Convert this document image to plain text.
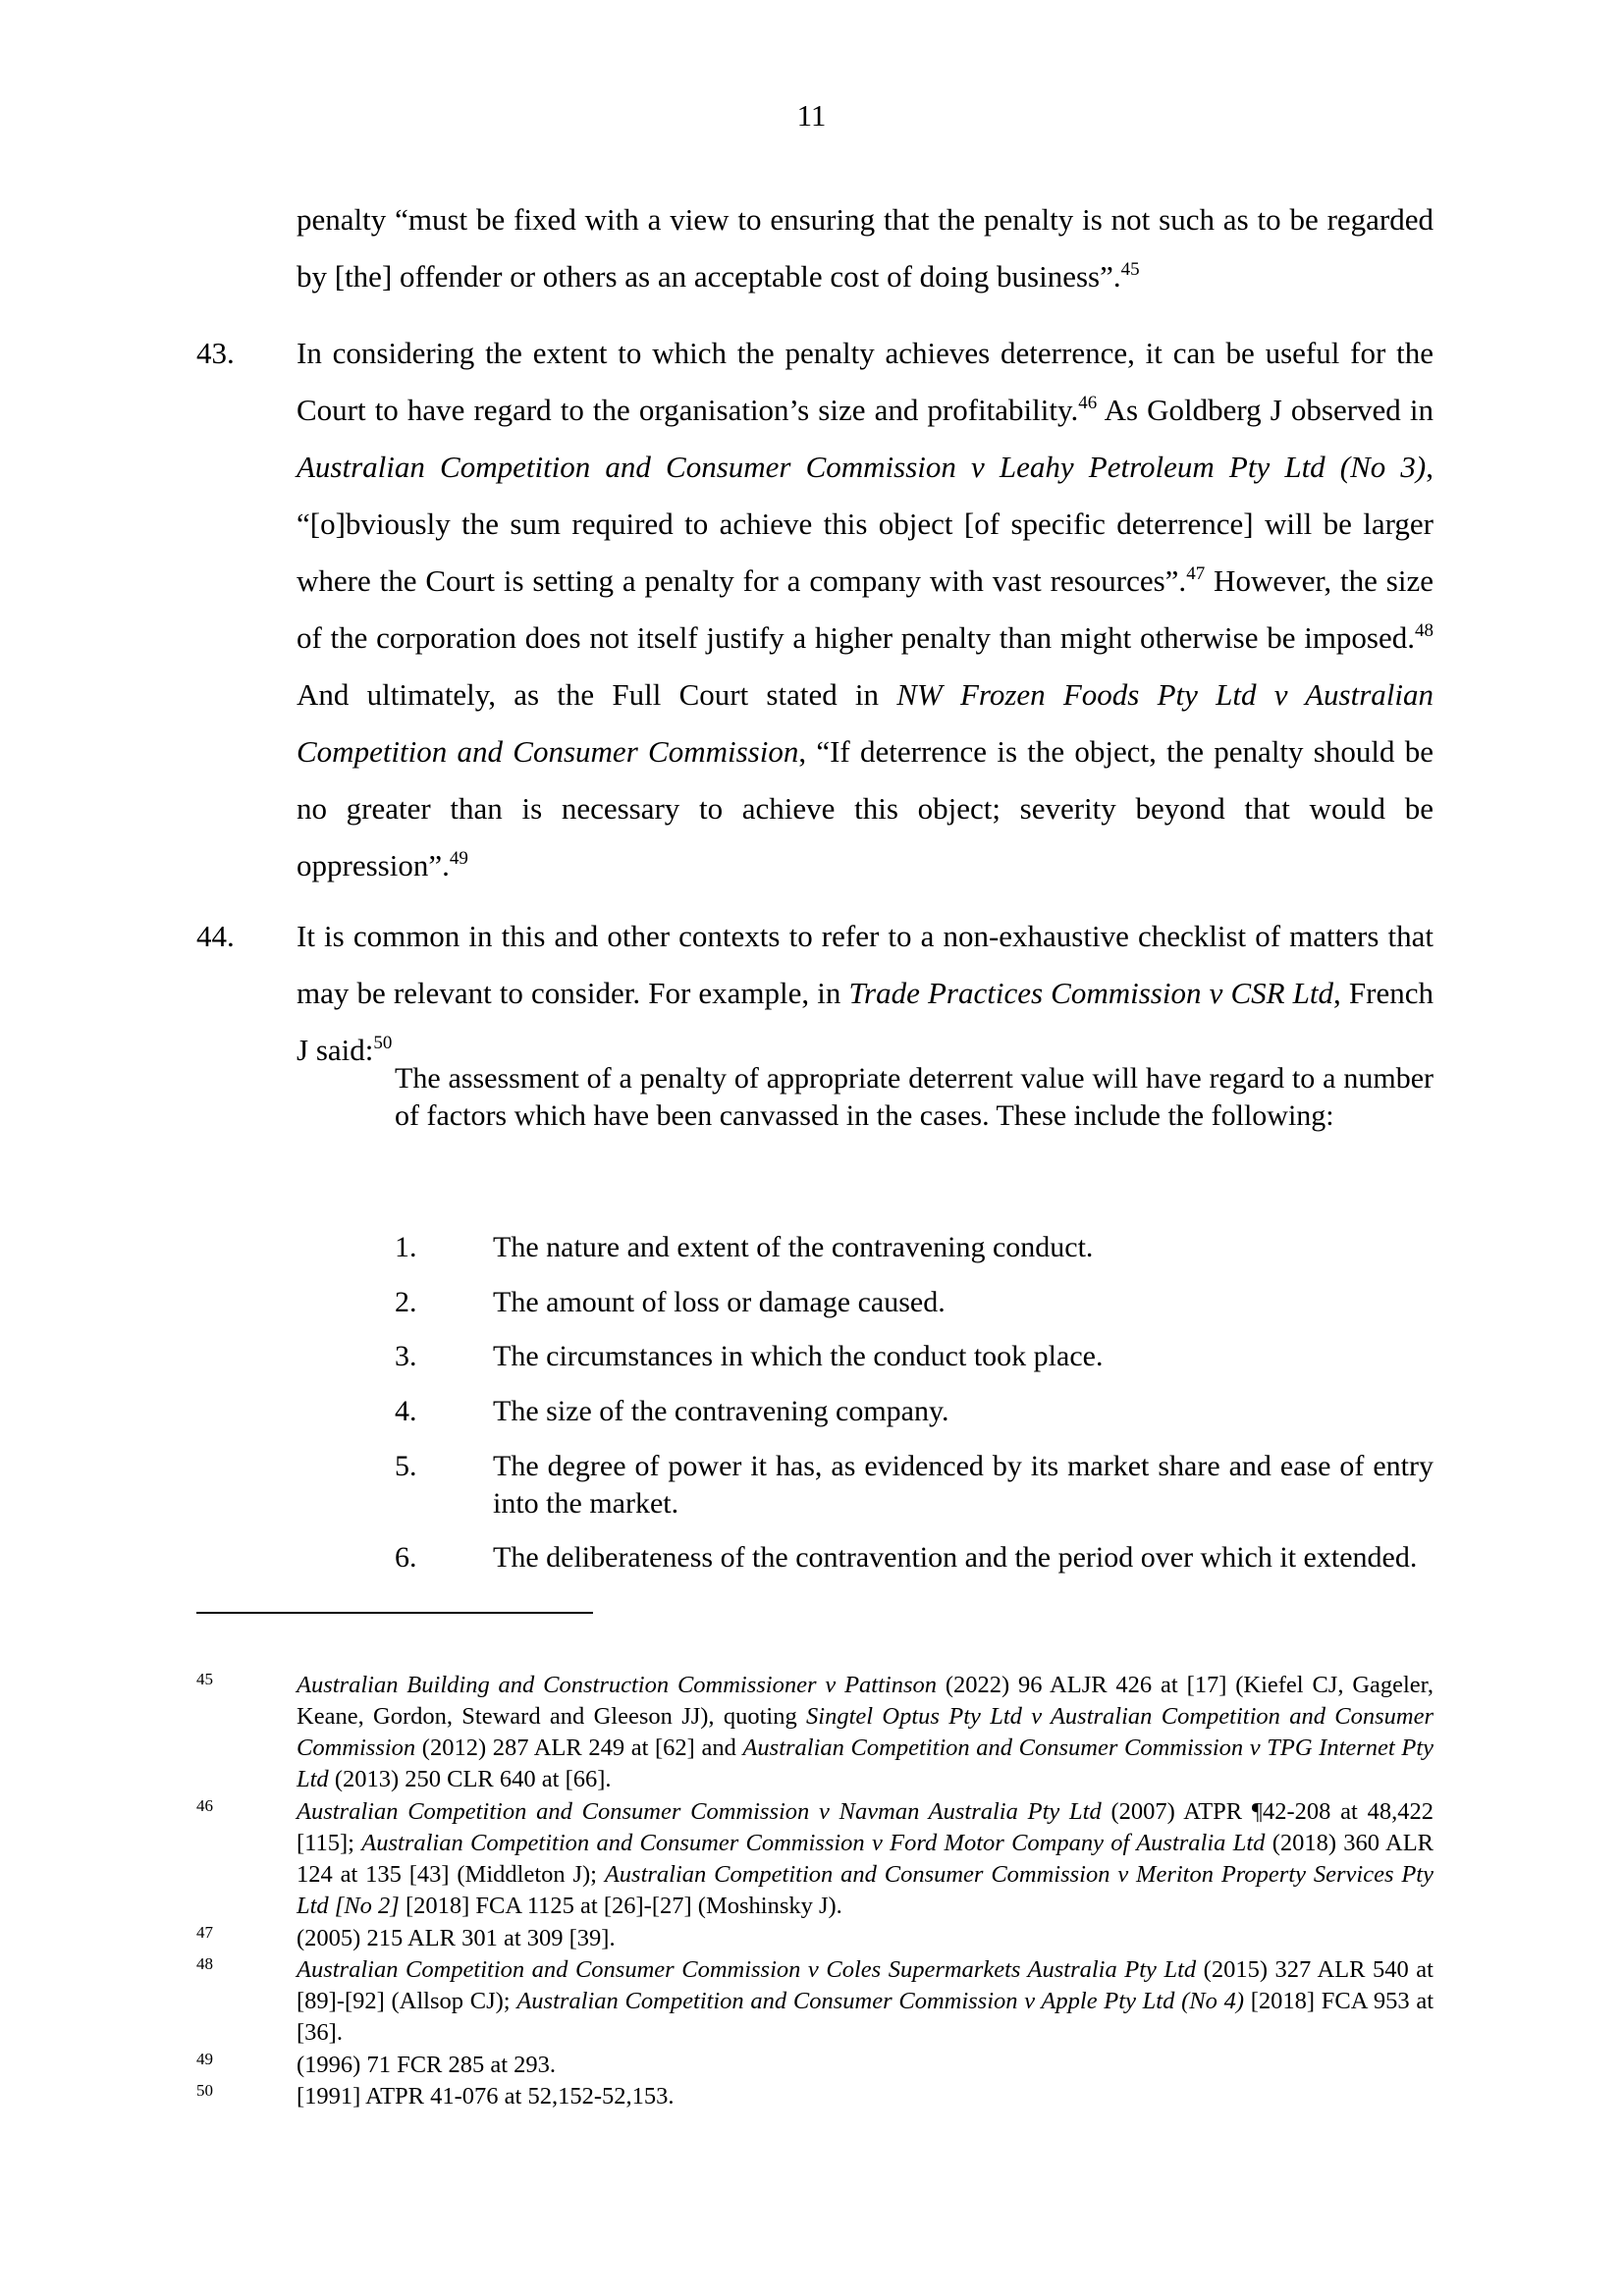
11
penalty “must be fixed with a view to ensuring that the penalty is not such as to be regarded by [the] offender or others as an acceptable cost of doing business”.$^{45}$
43.	In considering the extent to which the penalty achieves deterrence, it can be useful for the Court to have regard to the organisation’s size and profitability.$^{46}$ As Goldberg J observed in Australian Competition and Consumer Commission v Leahy Petroleum Pty Ltd (No 3), “[o]bviously the sum required to achieve this object [of specific deterrence] will be larger where the Court is setting a penalty for a company with vast resources”.$^{47}$ However, the size of the corporation does not itself justify a higher penalty than might otherwise be imposed.$^{48}$ And ultimately, as the Full Court stated in NW Frozen Foods Pty Ltd v Australian Competition and Consumer Commission, “If deterrence is the object, the penalty should be no greater than is necessary to achieve this object; severity beyond that would be oppression”.$^{49}$
44.	It is common in this and other contexts to refer to a non-exhaustive checklist of matters that may be relevant to consider. For example, in Trade Practices Commission v CSR Ltd, French J said:$^{50}$
The assessment of a penalty of appropriate deterrent value will have regard to a number of factors which have been canvassed in the cases. These include the following:
1.	The nature and extent of the contravening conduct.
2.	The amount of loss or damage caused.
3.	The circumstances in which the conduct took place.
4.	The size of the contravening company.
5.	The degree of power it has, as evidenced by its market share and ease of entry into the market.
6.	The deliberateness of the contravention and the period over which it extended.
45	Australian Building and Construction Commissioner v Pattinson (2022) 96 ALJR 426 at [17] (Kiefel CJ, Gageler, Keane, Gordon, Steward and Gleeson JJ), quoting Singtel Optus Pty Ltd v Australian Competition and Consumer Commission (2012) 287 ALR 249 at [62] and Australian Competition and Consumer Commission v TPG Internet Pty Ltd (2013) 250 CLR 640 at [66].
46	Australian Competition and Consumer Commission v Navman Australia Pty Ltd (2007) ATPR ¶42-208 at 48,422 [115]; Australian Competition and Consumer Commission v Ford Motor Company of Australia Ltd (2018) 360 ALR 124 at 135 [43] (Middleton J); Australian Competition and Consumer Commission v Meriton Property Services Pty Ltd [No 2] [2018] FCA 1125 at [26]-[27] (Moshinsky J).
47	(2005) 215 ALR 301 at 309 [39].
48	Australian Competition and Consumer Commission v Coles Supermarkets Australia Pty Ltd (2015) 327 ALR 540 at [89]-[92] (Allsop CJ); Australian Competition and Consumer Commission v Apple Pty Ltd (No 4) [2018] FCA 953 at [36].
49	(1996) 71 FCR 285 at 293.
50	[1991] ATPR 41-076 at 52,152-52,153.
